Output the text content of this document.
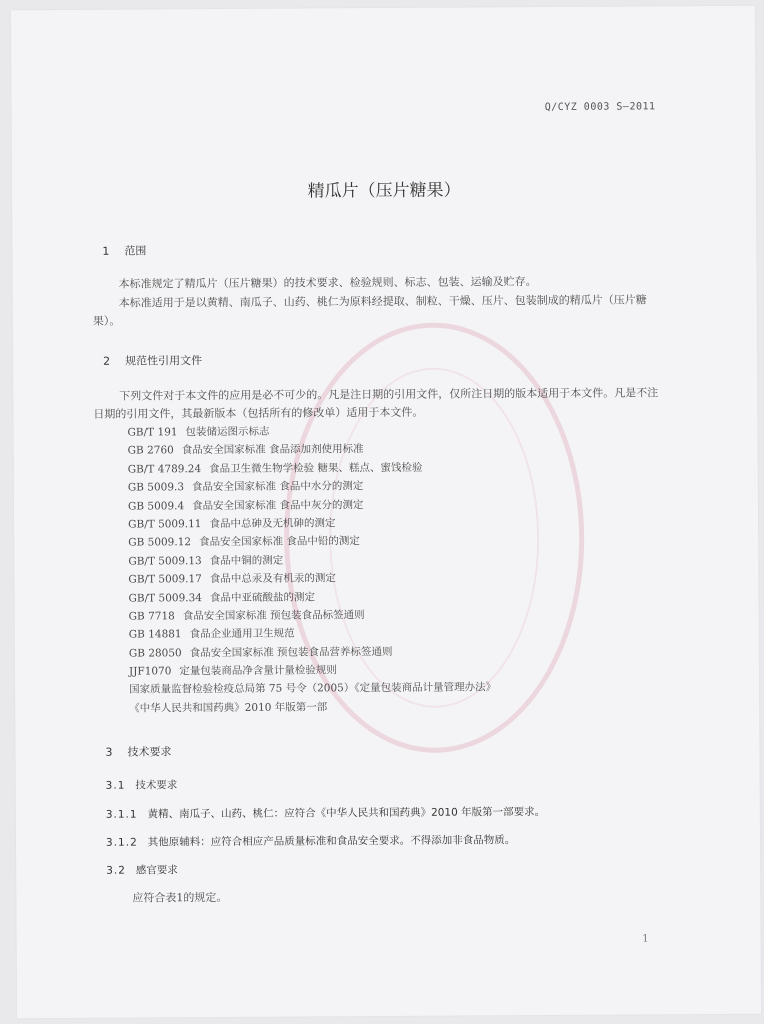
Q/CYZ 0003 S—2011
精瓜片（压片糖果）
1 范围
本标准规定了精瓜片（压片糖果）的技术要求、检验规则、标志、包装、运输及贮存。
本标准适用于是以黄精、南瓜子、山药、桃仁为原料经提取、制粒、干燥、压片、包装制成的精瓜片（压片糖果）。
2 规范性引用文件
下列文件对于本文件的应用是必不可少的。凡是注日期的引用文件，仅所注日期的版本适用于本文件。凡是不注日期的引用文件，其最新版本（包括所有的修改单）适用于本文件。
GB/T 191 包装储运图示标志
GB 2760 食品安全国家标准 食品添加剂使用标准
GB/T 4789.24 食品卫生微生物学检验 糖果、糕点、蜜饯检验
GB 5009.3 食品安全国家标准 食品中水分的测定
GB 5009.4 食品安全国家标准 食品中灰分的测定
GB/T 5009.11 食品中总砷及无机砷的测定
GB 5009.12 食品安全国家标准 食品中铅的测定
GB/T 5009.13 食品中铜的测定
GB/T 5009.17 食品中总汞及有机汞的测定
GB/T 5009.34 食品中亚硫酸盐的测定
GB 7718 食品安全国家标准 预包装食品标签通则
GB 14881 食品企业通用卫生规范
GB 28050 食品安全国家标准 预包装食品营养标签通则
JJF1070 定量包装商品净含量计量检验规则
国家质量监督检验检疫总局第 75 号令（2005）《定量包装商品计量管理办法》
《中华人民共和国药典》2010 年版第一部
3 技术要求
3.1 技术要求
3.1.1 黄精、南瓜子、山药、桃仁：应符合《中华人民共和国药典》2010 年版第一部要求。
3.1.2 其他原辅料：应符合相应产品质量标准和食品安全要求。不得添加非食品物质。
3.2 感官要求
应符合表1的规定。
1
